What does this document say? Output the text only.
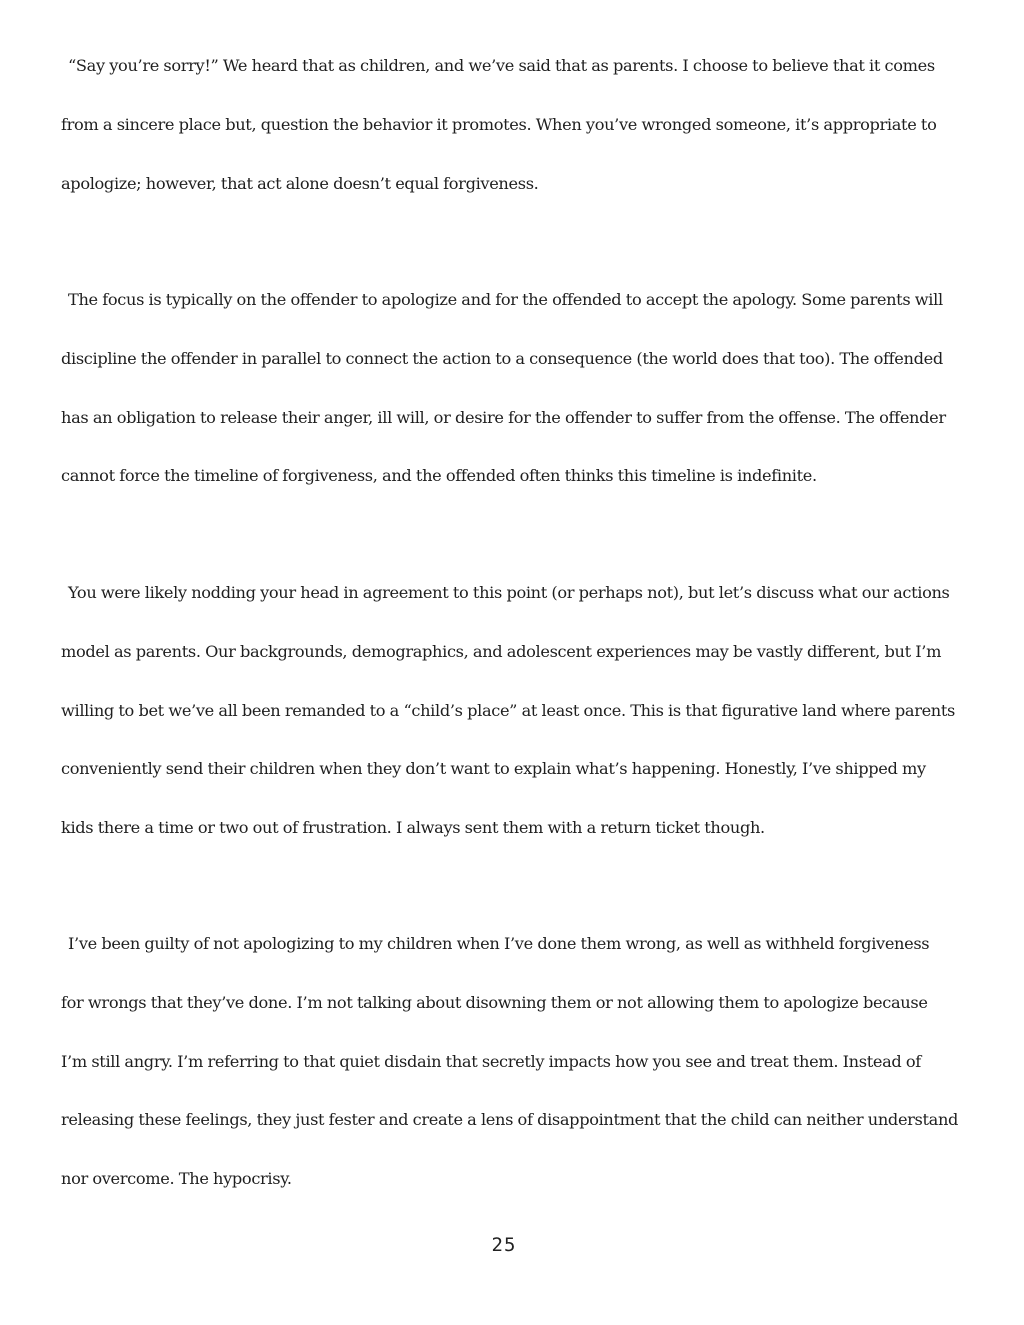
“Say you’re sorry!” We heard that as children, and we’ve said that as parents. I choose to believe that it comes
from a sincere place but, question the behavior it promotes. When you’ve wronged someone, it’s appropriate to
apologize; however, that act alone doesn’t equal forgiveness.
The focus is typically on the offender to apologize and for the offended to accept the apology. Some parents will
discipline the offender in parallel to connect the action to a consequence (the world does that too). The offended
has an obligation to release their anger, ill will, or desire for the offender to suffer from the offense. The offender
cannot force the timeline of forgiveness, and the offended often thinks this timeline is indefinite.
You were likely nodding your head in agreement to this point (or perhaps not), but let’s discuss what our actions
model as parents. Our backgrounds, demographics, and adolescent experiences may be vastly different, but I’m
willing to bet we’ve all been remanded to a “child’s place” at least once. This is that figurative land where parents
conveniently send their children when they don’t want to explain what’s happening. Honestly, I’ve shipped my
kids there a time or two out of frustration. I always sent them with a return ticket though.
I’ve been guilty of not apologizing to my children when I’ve done them wrong, as well as withheld forgiveness
for wrongs that they’ve done. I’m not talking about disowning them or not allowing them to apologize because
I’m still angry. I’m referring to that quiet disdain that secretly impacts how you see and treat them. Instead of
releasing these feelings, they just fester and create a lens of disappointment that the child can neither understand
nor overcome. The hypocrisy.
25
